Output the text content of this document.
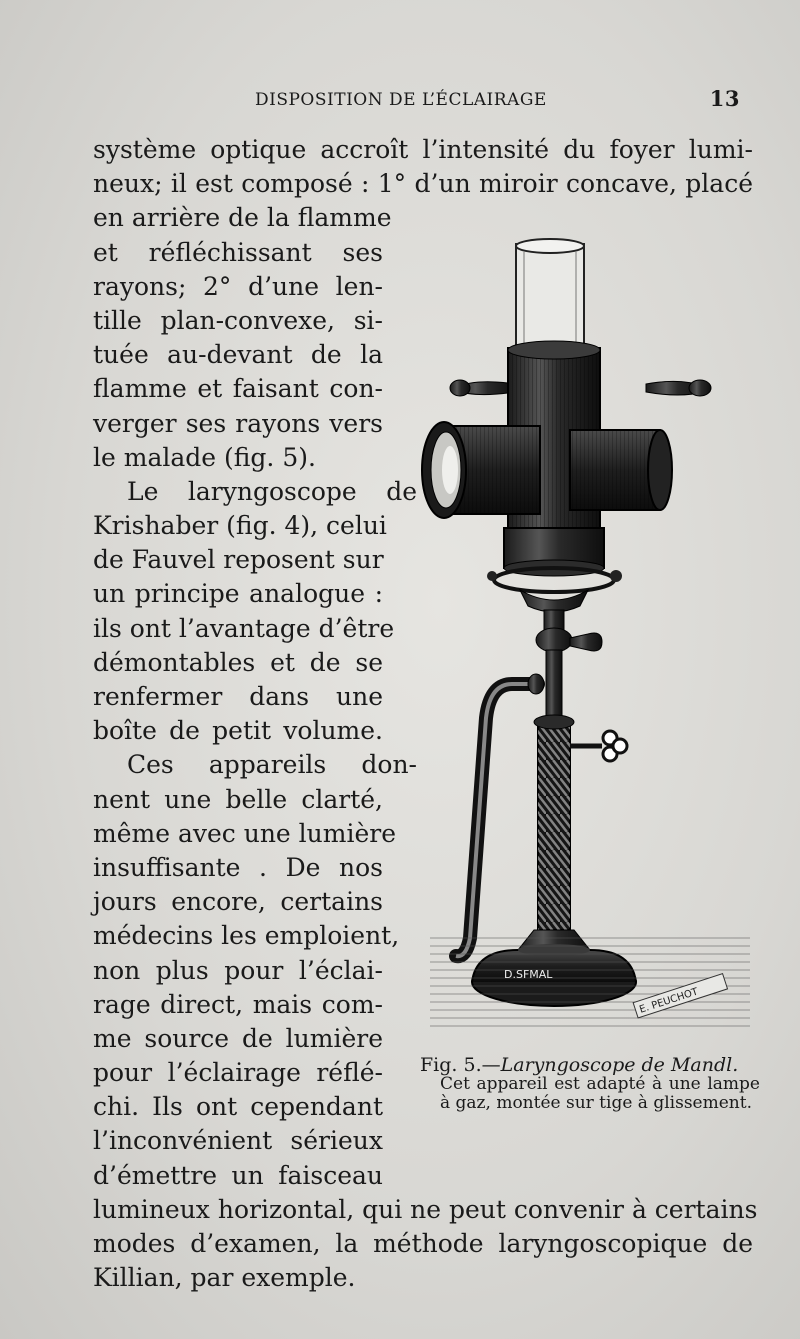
DISPOSITION DE L’ÉCLAIRAGE	13
système optique accroît l’intensité du foyer lumi-
neux; il est composé : 1° d’un miroir concave, placé
en arrière de la flamme
et réfléchissant ses
rayons; 2° d’une len-
tille plan-convexe, si-
tuée au-devant de la
flamme et faisant con-
verger ses rayons vers
le malade (fig. 5).
Le laryngoscope de
Krishaber (fig. 4), celui
de Fauvel reposent sur
un principe analogue :
ils ont l’avantage d’être
démontables et de se
renfermer dans une
boîte de petit volume.
Ces appareils don-
nent une belle clarté,
même avec une lumière
insuffisante . De nos
jours encore, certains
médecins les emploient,
non plus pour l’éclai-
rage direct, mais com-
me source de lumière
pour l’éclairage réflé-
chi. Ils ont cependant
l’inconvénient sérieux
d’émettre un faisceau
lumineux horizontal, qui ne peut convenir à certains
modes d’examen, la méthode laryngoscopique de
Killian, par exemple.
D.SFMAL
E. PEUCHOT
Fig. 5.—Laryngoscope de Mandl.
Cet appareil est adapté à une lampe à gaz, montée sur tige à glissement.
